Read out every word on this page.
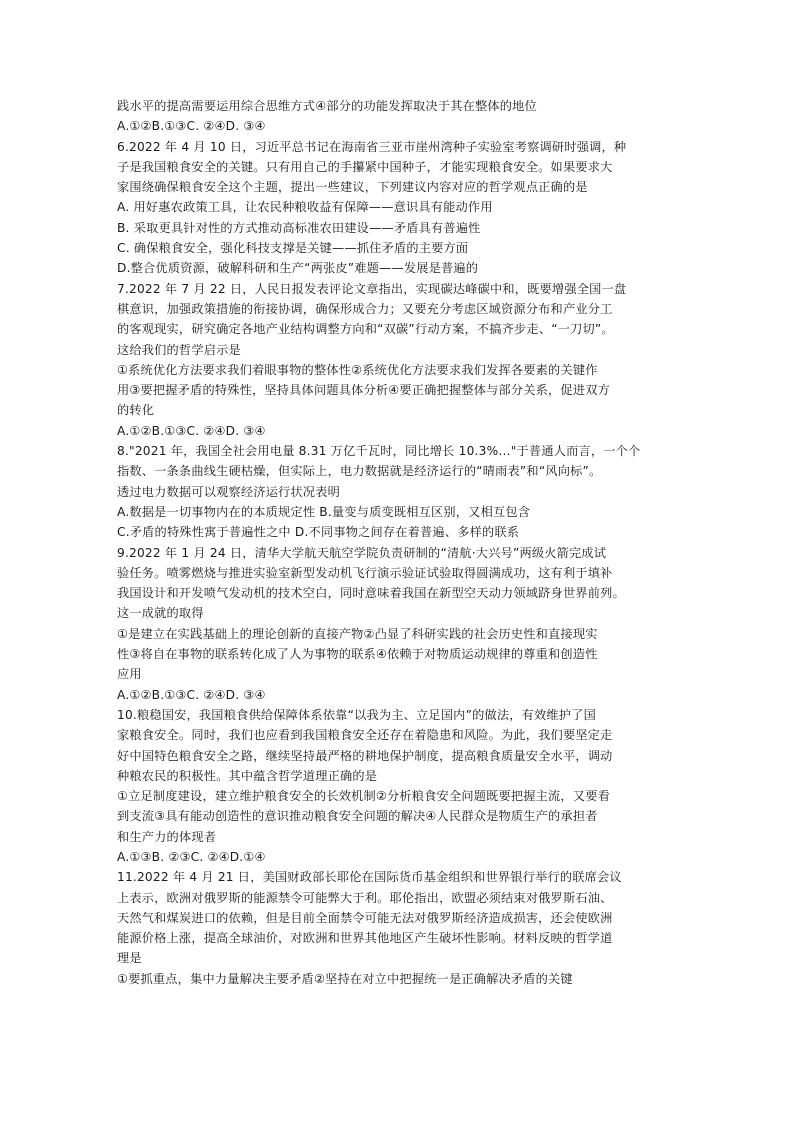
践水平的提高需要运用综合思维方式④部分的功能发挥取决于其在整体的地位
A.①②B.①③C. ②④D. ③④
6.2022 年 4 月 10 日，习近平总书记在海南省三亚市崖州湾种子实验室考察调研时强调，种
子是我国粮食安全的关键。只有用自己的手攥紧中国种子，才能实现粮食安全。如果要求大
家围绕确保粮食安全这个主题，提出一些建议，下列建议内容对应的哲学观点正确的是
A. 用好惠农政策工具，让农民种粮收益有保障——意识具有能动作用
B. 采取更具针对性的方式推动高标准农田建设——矛盾具有普遍性
C. 确保粮食安全，强化科技支撑是关键——抓住矛盾的主要方面
D.整合优质资源，破解科研和生产“两张皮”难题——发展是普遍的
7.2022 年 7 月 22 日，人民日报发表评论文章指出，实现碳达峰碳中和，既要增强全国一盘
棋意识，加强政策措施的衔接协调，确保形成合力；又要充分考虑区域资源分布和产业分工
的客观现实，研究确定各地产业结构调整方向和“双碳”行动方案，不搞齐步走、“一刀切”。
这给我们的哲学启示是
①系统优化方法要求我们着眼事物的整体性②系统优化方法要求我们发挥各要素的关键作
用③要把握矛盾的特殊性，坚持具体问题具体分析④要正确把握整体与部分关系，促进双方
的转化
A.①②B.①③C. ②④D. ③④
8."2021 年，我国全社会用电量 8.31 万亿千瓦时，同比增长 10.3%…"于普通人而言，一个个
指数、一条条曲线生硬枯燥，但实际上，电力数据就是经济运行的“晴雨表”和“风向标”。
透过电力数据可以观察经济运行状况表明
A.数据是一切事物内在的本质规定性 B.量变与质变既相互区别，又相互包含
C.矛盾的特殊性寓于普遍性之中 D.不同事物之间存在着普遍、多样的联系
9.2022 年 1 月 24 日，清华大学航天航空学院负责研制的“清航·大兴号”两级火箭完成试
验任务。喷雾燃烧与推进实验室新型发动机飞行演示验证试验取得圆满成功，这有利于填补
我国设计和开发喷气发动机的技术空白，同时意味着我国在新型空天动力领域跻身世界前列。
这一成就的取得
①是建立在实践基础上的理论创新的直接产物②凸显了科研实践的社会历史性和直接现实
性③将自在事物的联系转化成了人为事物的联系④依赖于对物质运动规律的尊重和创造性
应用
A.①②B.①③C. ②④D. ③④
10.粮稳国安，我国粮食供给保障体系依靠“以我为主、立足国内”的做法，有效维护了国
家粮食安全。同时，我们也应看到我国粮食安全还存在着隐患和风险。为此，我们要坚定走
好中国特色粮食安全之路，继续坚持最严格的耕地保护制度，提高粮食质量安全水平，调动
种粮农民的积极性。其中蕴含哲学道理正确的是
①立足制度建设，建立维护粮食安全的长效机制②分析粮食安全问题既要把握主流，又要看
到支流③具有能动创造性的意识推动粮食安全问题的解决④人民群众是物质生产的承担者
和生产力的体现者
A.①③B. ②③C. ②④D.①④
11.2022 年 4 月 21 日，美国财政部长耶伦在国际货币基金组织和世界银行举行的联席会议
上表示，欧洲对俄罗斯的能源禁令可能弊大于利。耶伦指出，欧盟必须结束对俄罗斯石油、
天然气和煤炭进口的依赖，但是目前全面禁令可能无法对俄罗斯经济造成损害，还会使欧洲
能源价格上涨，提高全球油价，对欧洲和世界其他地区产生破坏性影响。材料反映的哲学道
理是
①要抓重点，集中力量解决主要矛盾②坚持在对立中把握统一是正确解决矛盾的关键
